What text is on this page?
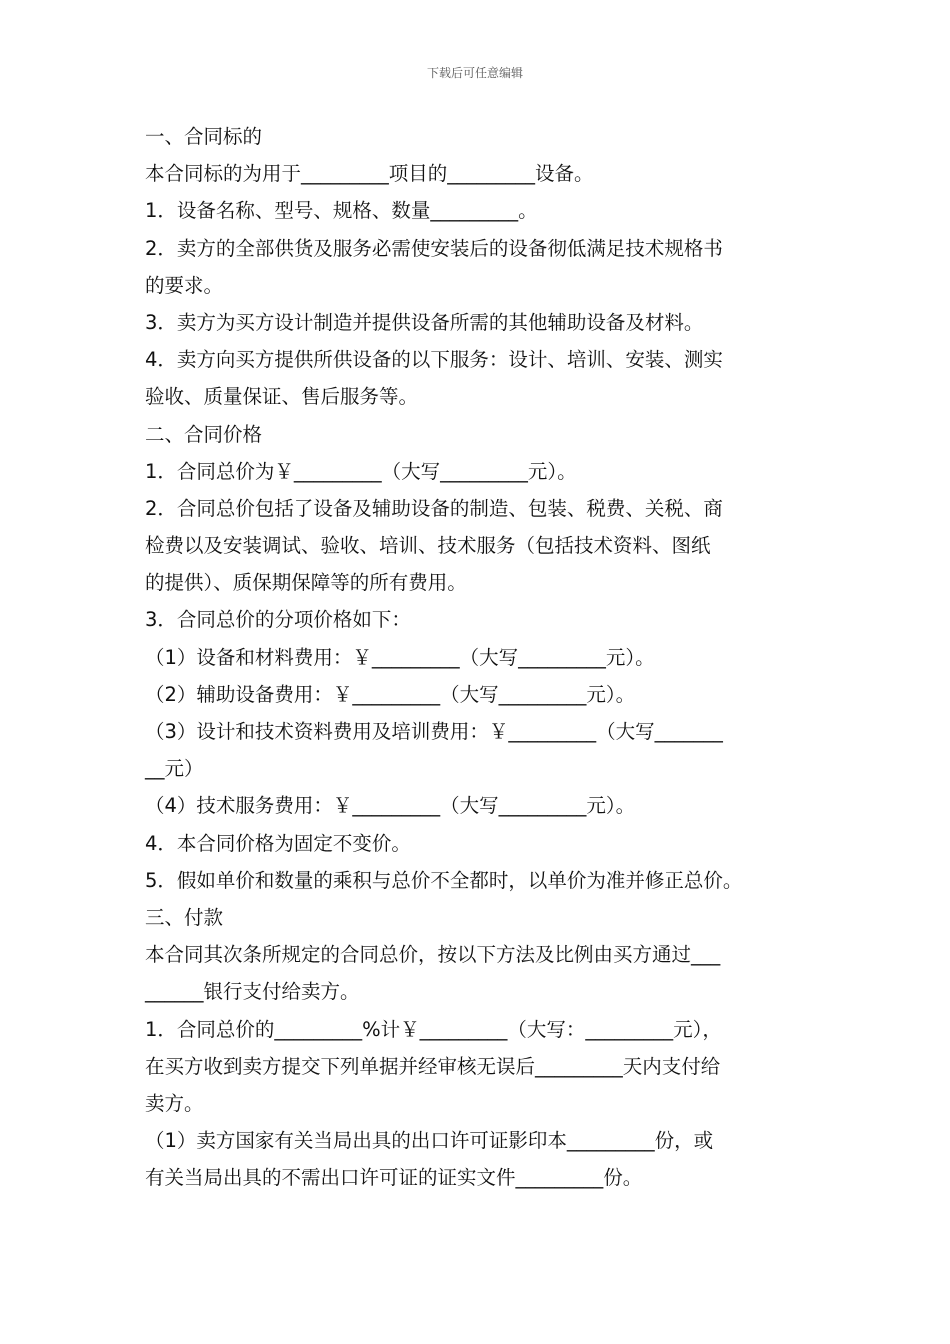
下载后可任意编辑
一、合同标的
本合同标的为用于_________项目的_________设备。
1．设备名称、型号、规格、数量_________。
2．卖方的全部供货及服务必需使安装后的设备彻低满足技术规格书
的要求。
3．卖方为买方设计制造并提供设备所需的其他辅助设备及材料。
4．卖方向买方提供所供设备的以下服务：设计、培训、安装、测实
验收、质量保证、售后服务等。
二、合同价格
1．合同总价为￥_________（大写_________元）。
2．合同总价包括了设备及辅助设备的制造、包装、税费、关税、商
检费以及安装调试、验收、培训、技术服务（包括技术资料、图纸
的提供）、质保期保障等的所有费用。
3．合同总价的分项价格如下：
（1）设备和材料费用：￥_________（大写_________元）。
（2）辅助设备费用：￥_________（大写_________元）。
（3）设计和技术资料费用及培训费用：￥_________（大写_______
__元）
（4）技术服务费用：￥_________（大写_________元）。
4．本合同价格为固定不变价。
5．假如单价和数量的乘积与总价不全都时，以单价为准并修正总价。
三、付款
本合同其次条所规定的合同总价，按以下方法及比例由买方通过___
______银行支付给卖方。
1．合同总价的_________%计￥_________（大写：_________元），
在买方收到卖方提交下列单据并经审核无误后_________天内支付给
卖方。
（1）卖方国家有关当局出具的出口许可证影印本_________份，或
有关当局出具的不需出口许可证的证实文件_________份。
